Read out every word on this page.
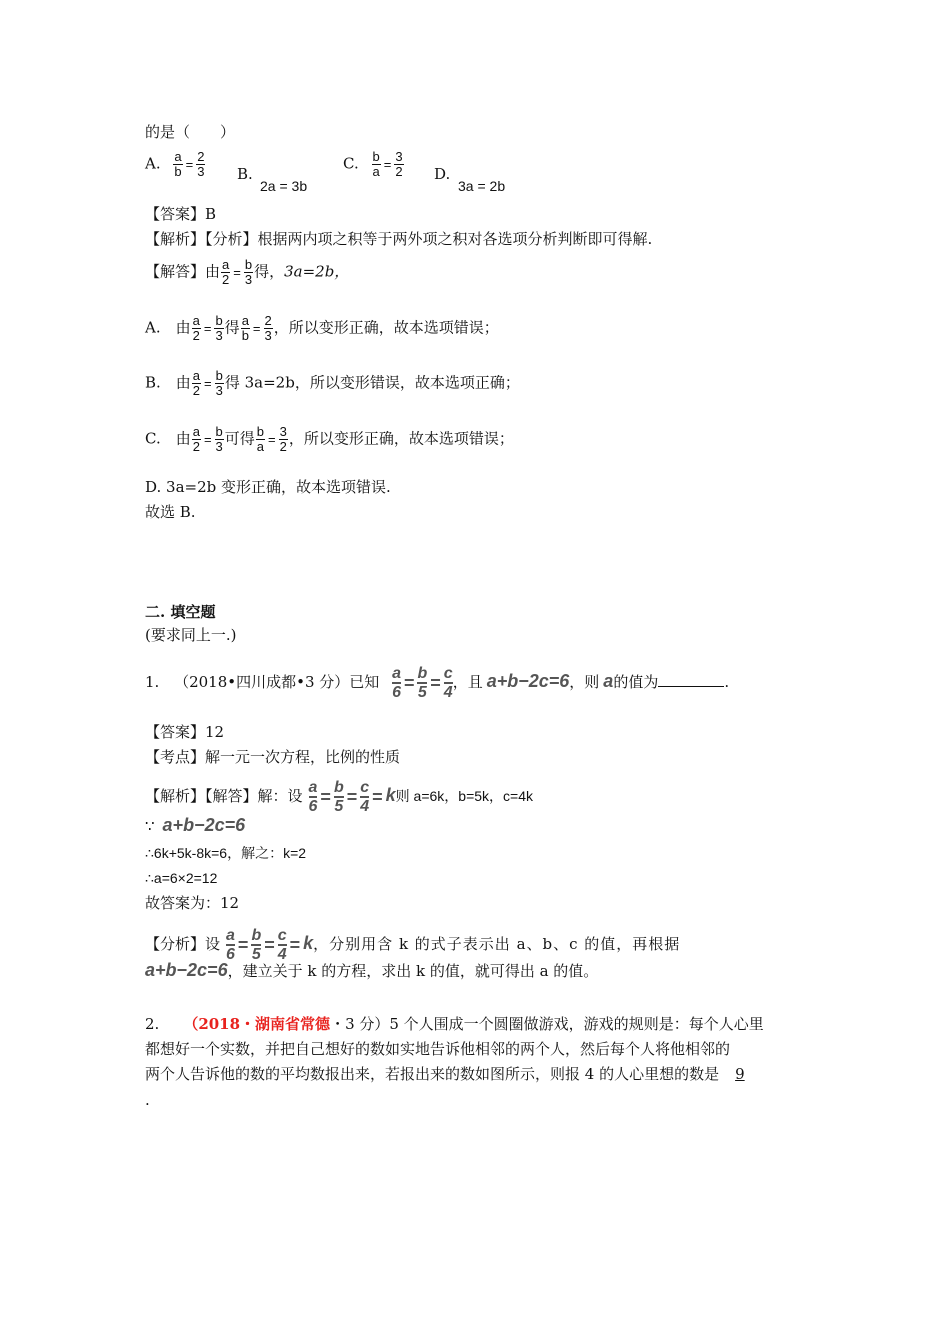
的是（　　）
A. $\frac{a}{b} = \frac{2}{3} B$.
2a = 3b
C. $\frac{b}{a} = \frac{3}{2} D$.
3a = 2b
【答案】B
【解析】【分析】根据两内项之积等于两外项之积对各选项分析判断即可得解.
【解答】由 $\frac{a}{2} = \frac{b}{3}$ 得，3a=2b，
A.　由 $\frac{a}{2} = \frac{b}{3}$ 得 $\frac{a}{b} = \frac{2}{3}$ ，所以变形正确，故本选项错误；
B.　由 $\frac{a}{2} = \frac{b}{3}$ 得 3a=2b，所以变形错误，故本选项正确；
C.　由 $\frac{a}{2} = \frac{b}{3}$ 可得 $\frac{b}{a} = \frac{3}{2}$ ，所以变形正确，故本选项错误；
D. 3a=2b 变形正确，故本选项错误.
故选 B.
二. 填空题
(要求同上一.)
1. （2018•四川成都•3 分）已知 $\frac{a}{6} = \frac{b}{5} = \frac{c}{4}$ ，且 a+b−2c=6，则 a的值为	.
【答案】12
【考点】解一元一次方程，比例的性质
【解析】【解答】解：设 $\frac{a}{6} = \frac{b}{5} = \frac{c}{4} = k$则 a=6k，b=5k，c=4k
∵ a+b−2c=6
∴6k+5k-8k=6，解之：k=2
∴a=6×2=12
故答案为：12
【分析】设 $\frac{a}{6} = \frac{b}{5} = \frac{c}{4} = k$，分别用含 k 的式子表示出 a、b、c 的值，再根据
a+b−2c=6，建立关于 k 的方程，求出 k 的值，就可得出 a 的值。
2. （2018・湖南省常德・3 分）5 个人围成一个圆圈做游戏，游戏的规则是：每个人心里
都想好一个实数，并把自己想好的数如实地告诉他相邻的两个人，然后每个人将他相邻的
两个人告诉他的数的平均数报出来，若报出来的数如图所示，则报 4 的人心里想的数是 9
.
